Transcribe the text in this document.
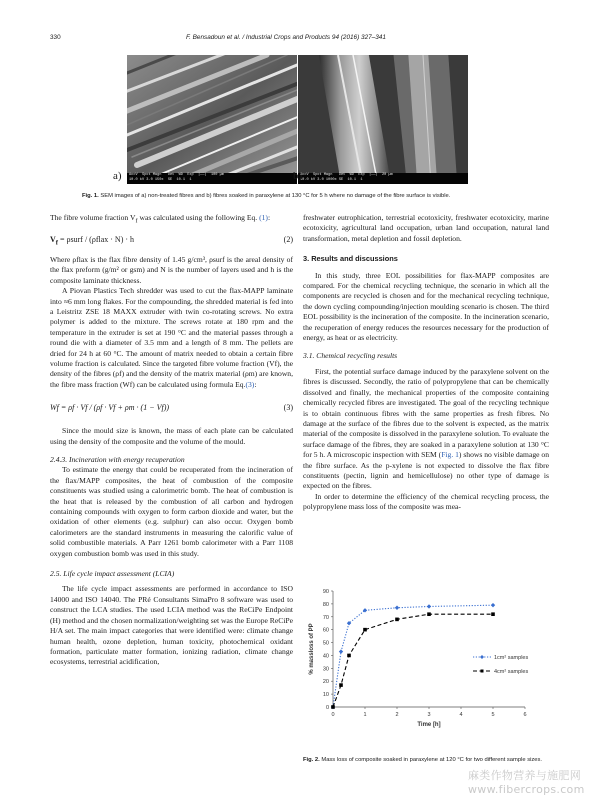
330	F. Bensadoun et al. / Industrial Crops and Products 94 (2016) 327–341
AccV  Spot Magn   Det  WD  Exp  |——|  100 µm
10.0 kV 3.0 150x  SE  10.1  1
AccV  Spot Magn   Det  WD  Exp  |——|  20 µm
10.0 kV 3.0 1000x SE  10.1  1
a)	b)
Fig. 1. SEM images of a) non-treated fibres and b) fibres soaked in paraxylene at 130 °C for 5 h where no damage of the fibre surface is visible.

The fibre volume fraction $V_f$ was calculated using the following Eq. (1):

$V_f$ = ρsurf / (ρflax · N) · h	(2)

Where ρflax is the flax fibre density of 1.45 g/cm³, ρsurf is the areal density of the flax preform (g/m² or gsm) and N is the number of layers used and h is the composite laminate thickness.

A Piovan Plastics Tech shredder was used to cut the flax-MAPP laminate into ≈6 mm long flakes. For the compounding, the shredded material is fed into a Leistritz ZSE 18 MAXX extruder with twin co-rotating screws. No extra polymer is added to the mixture. The screws rotate at 180 rpm and the temperature in the extruder is set at 190 °C and the material passes through a round die with a diameter of 3.5 mm and a length of 8 mm. The pellets are dried for 24 h at 60 °C. The amount of matrix needed to obtain a certain fibre volume fraction is calculated. Since the targeted fibre volume fraction (Vf), the density of the fibres (ρf) and the density of the matrix material (ρm) are known, the fibre mass fraction (Wf) can be calculated using formula Eq.(3):

Wf = ρf · Vf / (ρf · Vf + ρm · (1 − Vf))	(3)

Since the mould size is known, the mass of each plate can be calculated using the density of the composite and the volume of the mould.

2.4.3. Incineration with energy recuperation

To estimate the energy that could be recuperated from the incineration of the flax/MAPP composites, the heat of combustion of the composite constituents was studied using a calorimetric bomb. The heat of combustion is the heat that is released by the combustion of all carbon and hydrogen containing compounds with oxygen to form carbon dioxide and water, but the oxidation of other elements (e.g. sulphur) can also occur. Oxygen bomb calorimeters are the standard instruments in measuring the calorific value of solid combustible materials. A Parr 1261 bomb calorimeter with a Parr 1108 oxygen combustion bomb was used in this study.

2.5. Life cycle impact assessment (LCIA)

The life cycle impact assessments are performed in accordance to ISO 14000 and ISO 14040. The PRé Consultants SimaPro 8 software was used to construct the LCA studies. The used LCIA method was the ReCiPe Endpoint (H) method and the chosen normalization/weighting set was the Europe ReCiPe H/A set. The main impact categories that were identified were: climate change human health, ozone depletion, human toxicity, photochemical oxidant formation, particulate matter formation, ionizing radiation, climate change ecosystems, terrestrial acidification,

freshwater eutrophication, terrestrial ecotoxicity, freshwater ecotoxicity, marine ecotoxicity, agricultural land occupation, urban land occupation, natural land transformation, metal depletion and fossil depletion.

3. Results and discussions

In this study, three EOL possibilities for flax-MAPP composites are compared. For the chemical recycling technique, the scenario in which all the components are recycled is chosen and for the mechanical recycling technique, the down cycling compounding/injection moulding scenario is chosen. The third EOL possibility is the incineration of the composite. In the incineration scenario, the recuperation of energy reduces the resources necessary for the production of energy, as heat or as electricity.

3.1. Chemical recycling results

First, the potential surface damage induced by the paraxylene solvent on the fibres is discussed. Secondly, the ratio of polypropylene that can be chemically dissolved and finally, the mechanical properties of the composite containing chemically recycled fibres are investigated. The goal of the recycling technique is to obtain continuous fibres with the same properties as fresh fibres. No damage at the surface of the fibres due to the solvent is expected, as the matrix material of the composite is dissolved in the paraxylene solution. To evaluate the surface damage of the fibres, they are soaked in a paraxylene solution at 130 °C for 5 h. A microscopic inspection with SEM (Fig. 1) shows no visible damage on the fibre surface. As the p-xylene is not expected to dissolve the flax fibre constituents (pectin, lignin and hemicellulose) no other type of damage is expected on the fibres.

In order to determine the efficiency of the chemical recycling process, the polypropylene mass loss of the composite was mea-

0
10
20
30
40
50
60
70
80
90
0	1	2	3	4	5	6
Time [h]
% massloss of PP	1cm² samples
4cm² samples
Fig. 2. Mass loss of composite soaked in paraxylene at 120 °C for two different sample sizes.
麻类作物营养与施肥网 www.fibercrops.com
